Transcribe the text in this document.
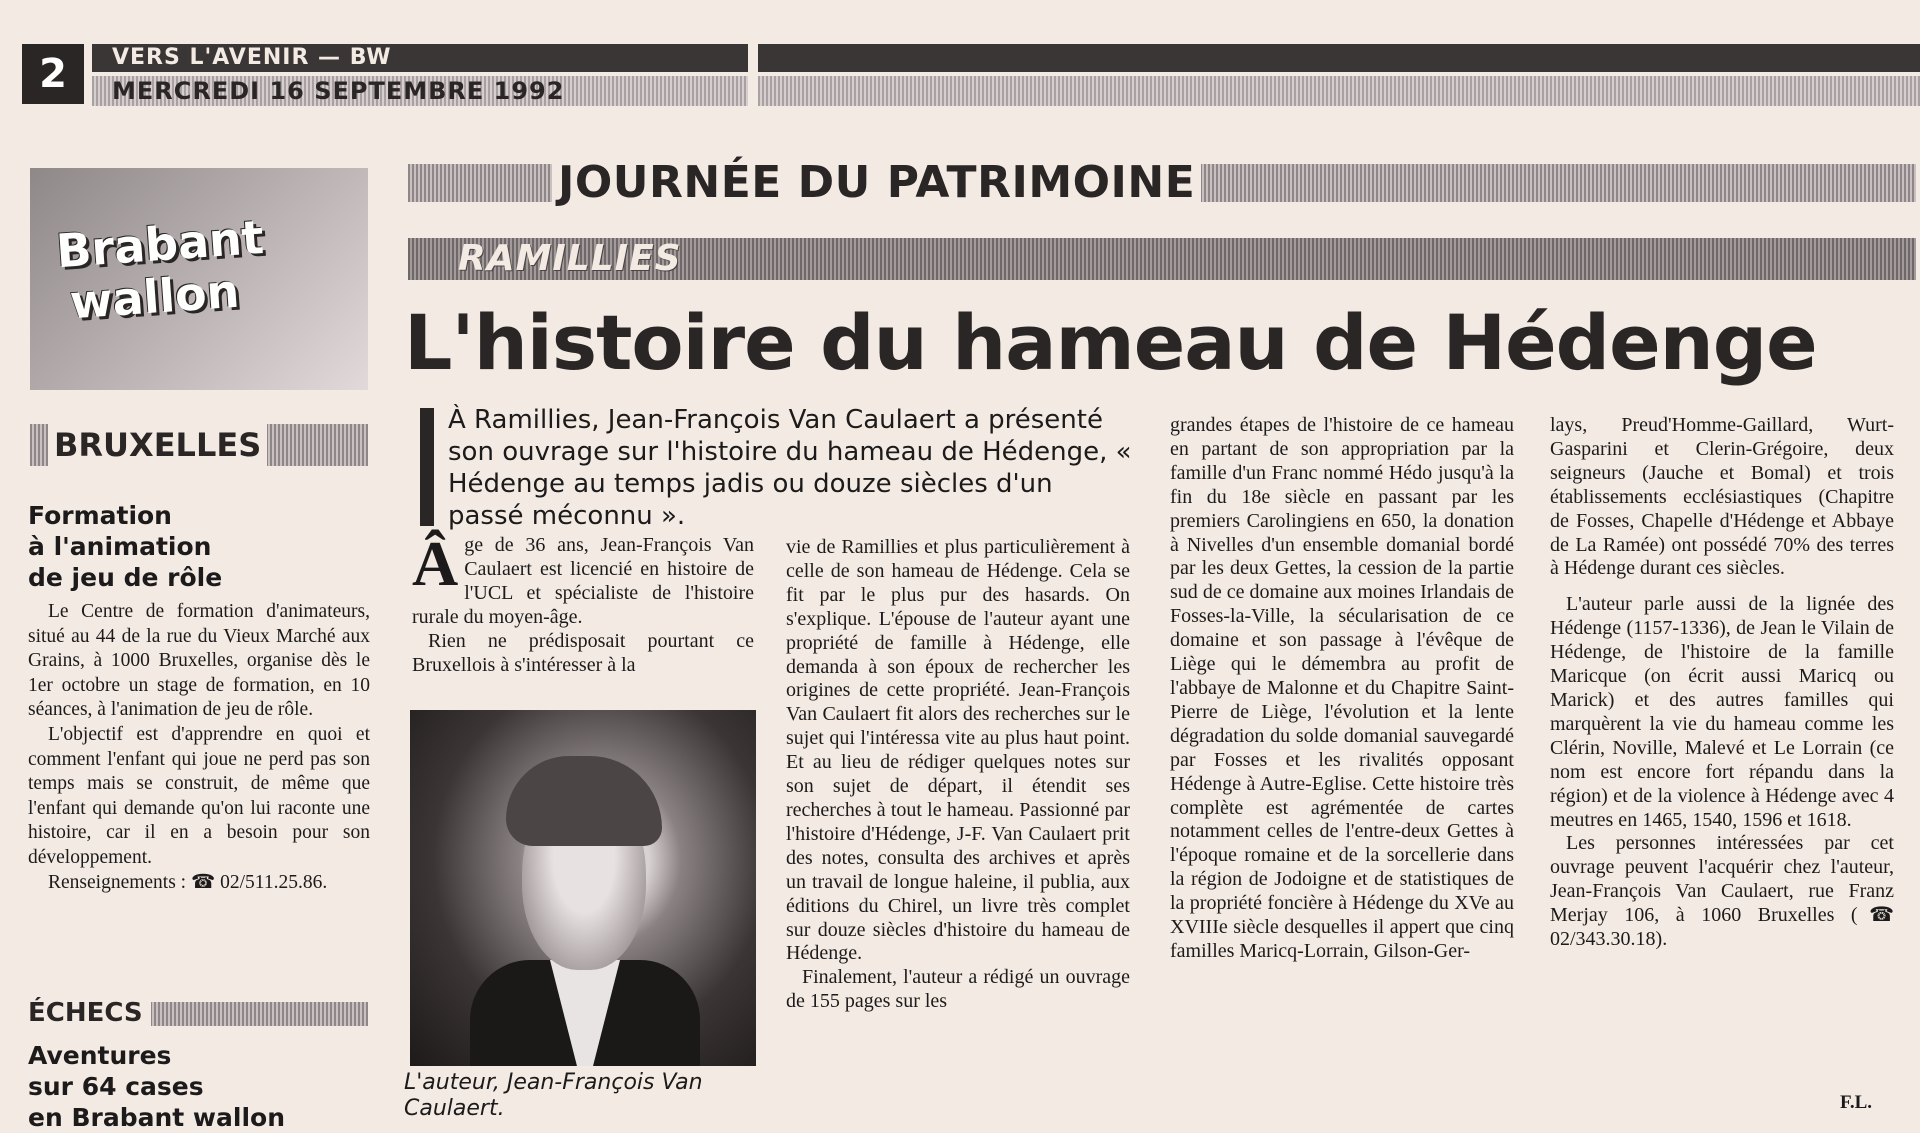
2	VERS L'AVENIR — BW
MERCREDI 16 SEPTEMBRE 1992
Brabant
wallon
BRUXELLES
Formation
à l'animation
de jeu de rôle

Le Centre de formation d'animateurs, situé au 44 de la rue du Vieux Marché aux Grains, à 1000 Bruxelles, organise dès le 1er octobre un stage de formation, en 10 séances, à l'animation de jeu de rôle.

L'objectif est d'apprendre en quoi et comment l'enfant qui joue ne perd pas son temps mais se construit, de même que l'enfant qui demande qu'on lui raconte une histoire, car il en a besoin pour son développement.

Renseignements : ☎ 02/511.25.86.

ÉCHECS
Aventures
sur 64 cases
en Brabant wallon
JOURNÉE DU PATRIMOINE
RAMILLIES
L'histoire du hameau de Hédenge
À Ramillies, Jean-François Van Caulaert a présenté son ouvrage sur l'histoire du hameau de Hédenge, « Hédenge au temps jadis ou douze siècles d'un passé méconnu ».
Â ge de 36 ans, Jean-François Van Caulaert est licencié en histoire de l'UCL et spécialiste de l'histoire rurale du moyen-âge.

Rien ne prédisposait pourtant ce Bruxellois à s'intéresser à la

L'auteur, Jean-François Van Caulaert.

vie de Ramillies et plus particulièrement à celle de son hameau de Hédenge. Cela se fit par le plus pur des hasards. On s'explique. L'épouse de l'auteur ayant une propriété de famille à Hédenge, elle demanda à son époux de rechercher les origines de cette propriété. Jean-François Van Caulaert fit alors des recherches sur le sujet qui l'intéressa vite au plus haut point. Et au lieu de rédiger quelques notes sur son sujet de départ, il étendit ses recherches à tout le hameau. Passionné par l'histoire d'Hédenge, J-F. Van Caulaert prit des notes, consulta des archives et après un travail de longue haleine, il publia, aux éditions du Chirel, un livre très complet sur douze siècles d'histoire du hameau de Hédenge.

Finalement, l'auteur a rédigé un ouvrage de 155 pages sur les

grandes étapes de l'histoire de ce hameau en partant de son appropriation par la famille d'un Franc nommé Hédo jusqu'à la fin du 18e siècle en passant par les premiers Carolingiens en 650, la donation à Nivelles d'un ensemble domanial bordé par les deux Gettes, la cession de la partie sud de ce domaine aux moines Irlandais de Fosses-la-Ville, la sécularisation de ce domaine et son passage à l'évêque de Liège qui le démembra au profit de l'abbaye de Malonne et du Chapitre Saint-Pierre de Liège, l'évolution et la lente dégradation du solde domanial sauvegardé par Fosses et les rivalités opposant Hédenge à Autre-Eglise. Cette histoire très complète est agrémentée de cartes notamment celles de l'entre-deux Gettes à l'époque romaine et de la sorcellerie dans la région de Jodoigne et de statistiques de la propriété foncière à Hédenge du XVe au XVIIIe siècle desquelles il appert que cinq familles Maricq-Lorrain, Gilson-Ger-

lays, Preud'Homme-Gaillard, Wurt-Gasparini et Clerin-Grégoire, deux seigneurs (Jauche et Bomal) et trois établissements ecclésiastiques (Chapitre de Fosses, Chapelle d'Hédenge et Abbaye de La Ramée) ont possédé 70% des terres à Hédenge durant ces siècles.

L'auteur parle aussi de la lignée des Hédenge (1157-1336), de Jean le Vilain de Hédenge, de l'histoire de la famille Maricque (on écrit aussi Maricq ou Marick) et des autres familles qui marquèrent la vie du hameau comme les Clérin, Noville, Malevé et Le Lorrain (ce nom est encore fort répandu dans la région) et de la violence à Hédenge avec 4 meutres en 1465, 1540, 1596 et 1618.

Les personnes intéressées par cet ouvrage peuvent l'acquérir chez l'auteur, Jean-François Van Caulaert, rue Franz Merjay 106, à 1060 Bruxelles (☎ 02/343.30.18).

F.L.
